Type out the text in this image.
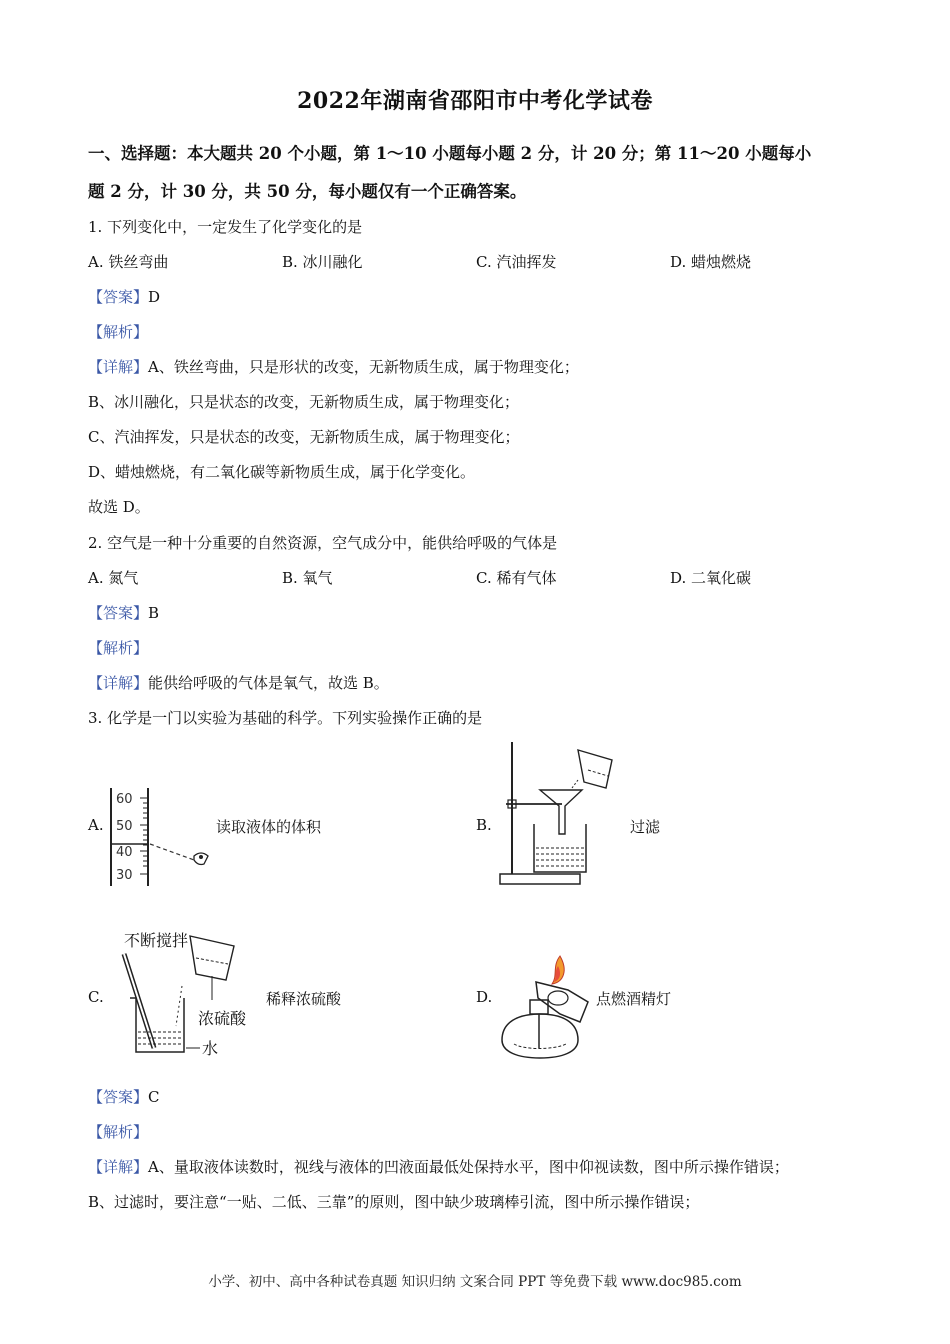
2022年湖南省邵阳市中考化学试卷
一、选择题：本大题共 20 个小题，第 1～10 小题每小题 2 分，计 20 分；第 11～20 小题每小
题 2 分，计 30 分，共 50 分，每小题仅有一个正确答案。
1. 下列变化中，一定发生了化学变化的是
A. 铁丝弯曲	B. 冰川融化	C. 汽油挥发	D. 蜡烛燃烧
【答案】D
【解析】
【详解】A、铁丝弯曲，只是形状的改变，无新物质生成，属于物理变化；
B、冰川融化，只是状态的改变，无新物质生成，属于物理变化；
C、汽油挥发，只是状态的改变，无新物质生成，属于物理变化；
D、蜡烛燃烧，有二氧化碳等新物质生成，属于化学变化。
故选 D。
2. 空气是一种十分重要的自然资源，空气成分中，能供给呼吸的气体是
A. 氮气	B. 氧气	C. 稀有气体	D. 二氧化碳
【答案】B
【解析】
【详解】能供给呼吸的气体是氧气，故选 B。
3. 化学是一门以实验为基础的科学。下列实验操作正确的是
A.
60
50
40
30
读取液体的体积	B.	过滤
C.
不断搅拌
浓硫酸
水
稀释浓硫酸	D.	点燃酒精灯
【答案】C
【解析】
【详解】A、量取液体读数时，视线与液体的凹液面最低处保持水平，图中仰视读数，图中所示操作错误；
B、过滤时，要注意“一贴、二低、三靠”的原则，图中缺少玻璃棒引流，图中所示操作错误；
小学、初中、高中各种试卷真题 知识归纳 文案合同 PPT 等免费下载 www.doc985.com
